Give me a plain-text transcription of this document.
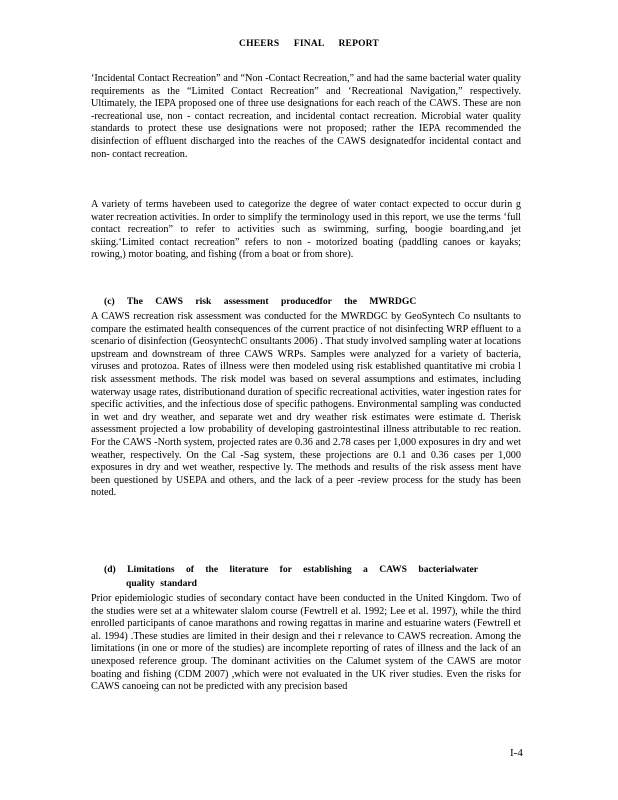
CHEERS FINAL REPORT
‘Incidental Contact Recreation” and “Non -Contact Recreation,” and had the same bacterial water quality requirements as the “Limited Contact Recreation” and ‘Recreational Navigation,” respectively. Ultimately, the IEPA proposed one of three use designations for each reach of the CAWS. These are non -recreational use, non - contact recreation, and incidental contact recreation. Microbial water quality standards to protect these use designations were not proposed; rather the IEPA recommended the disinfection of effluent discharged into the reaches of the CAWS designatedfor incidental contact and non- contact recreation.
A variety of terms havebeen used to categorize the degree of water contact expected to occur durin g water recreation activities. In order to simplify the terminology used in this report, we use the terms ‘full contact recreation” to refer to activities such as swimming, surfing, boogie boarding,and jet skiing.‘Limited contact recreation” refers to non - motorized boating (paddling canoes or kayaks; rowing,) motor boating, and fishing (from a boat or from shore).
(c) The CAWS risk assessment producedfor the MWRDGC
A CAWS recreation risk assessment was conducted for the MWRDGC by GeoSyntech Co nsultants to compare the estimated health consequences of the current practice of not disinfecting WRP effluent to a scenario of disinfection (GeosyntechC onsultants 2006) . That study involved sampling water at locations upstream and downstream of three CAWS WRPs. Samples were analyzed for a variety of bacteria, viruses and protozoa. Rates of illness were then modeled using risk established quantitative mi crobia l risk assessment methods. The risk model was based on several assumptions and estimates, including waterway usage rates, distributionand duration of specific recreational activities, water ingestion rates for specific activities, and the infectious dose of specific pathogens. Environmental sampling was conducted in wet and dry weather, and separate wet and dry weather risk estimates were estimate d. Therisk assessment projected a low probability of developing gastrointestinal illness attributable to rec reation. For the CAWS -North system, projected rates are 0.36 and 2.78 cases per 1,000 exposures in dry and wet weather, respectively. On the Cal -Sag system, these projections are 0.1 and 0.36 cases per 1,000 exposures in dry and wet weather, respective ly. The methods and results of the risk assess ment have been questioned by USEPA and others, and the lack of a peer -review process for the study has been noted.
(d) Limitations of the literature for establishing a CAWS bacterialwater
quality standard
Prior epidemiologic studies of secondary contact have been conducted in the United Kingdom. Two of the studies were set at a whitewater slalom course (Fewtrell et al. 1992; Lee et al. 1997), while the third enrolled participants of canoe marathons and rowing regattas in marine and estuarine waters (Fewtrell et al. 1994) .These studies are limited in their design and thei r relevance to CAWS recreation. Among the limitations (in one or more of the studies) are incomplete reporting of rates of illness and the lack of an unexposed reference group. The dominant activities on the Calumet system of the CAWS are motor boating and fishing (CDM 2007) ,which were not evaluated in the UK river studies. Even the risks for CAWS canoeing can not be predicted with any precision based
I-4
